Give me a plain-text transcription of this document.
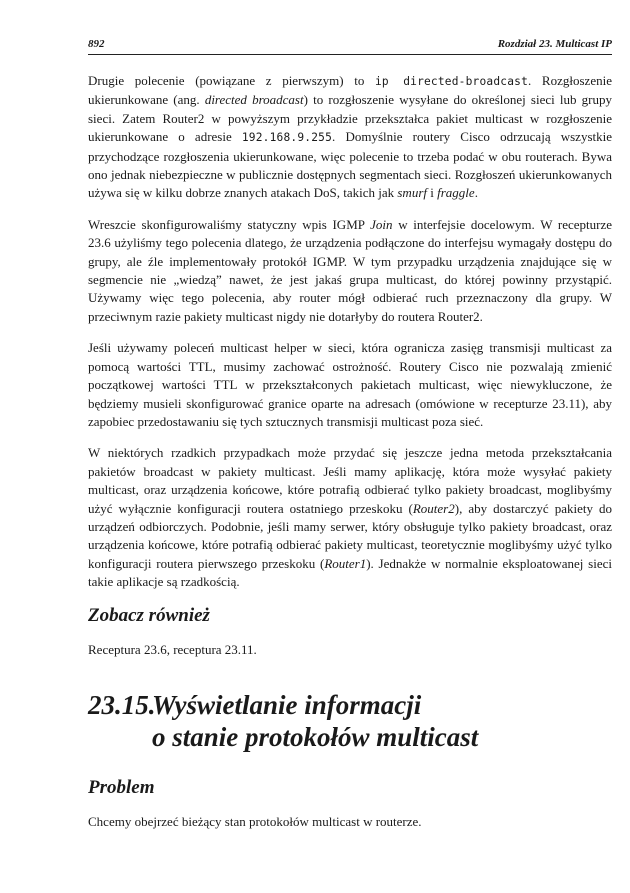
892	Rozdział 23. Multicast IP

Drugie polecenie (powiązane z pierwszym) to ip directed-broadcast. Rozgłoszenie ukierunkowane (ang. directed broadcast) to rozgłoszenie wysyłane do określonej sieci lub grupy sieci. Zatem Router2 w powyższym przykładzie przekształca pakiet multicast w rozgłoszenie ukierunkowane o adresie 192.168.9.255. Domyślnie routery Cisco odrzucają wszystkie przychodzące rozgłoszenia ukierunkowane, więc polecenie to trzeba podać w obu routerach. Bywa ono jednak niebezpieczne w publicznie dostępnych segmentach sieci. Rozgłoszeń ukierunkowanych używa się w kilku dobrze znanych atakach DoS, takich jak smurf i fraggle.

Wreszcie skonfigurowaliśmy statyczny wpis IGMP Join w interfejsie docelowym. W recepturze 23.6 użyliśmy tego polecenia dlatego, że urządzenia podłączone do interfejsu wymagały dostępu do grupy, ale źle implementowały protokół IGMP. W tym przypadku urządzenia znajdujące się w segmencie nie „wiedzą” nawet, że jest jakaś grupa multicast, do której powinny przystąpić. Używamy więc tego polecenia, aby router mógł odbierać ruch przeznaczony dla grupy. W przeciwnym razie pakiety multicast nigdy nie dotarłyby do routera Router2.

Jeśli używamy poleceń multicast helper w sieci, która ogranicza zasięg transmisji multicast za pomocą wartości TTL, musimy zachować ostrożność. Routery Cisco nie pozwalają zmienić początkowej wartości TTL w przekształconych pakietach multicast, więc niewykluczone, że będziemy musieli skonfigurować granice oparte na adresach (omówione w recepturze 23.11), aby zapobiec przedostawaniu się tych sztucznych transmisji multicast poza sieć.

W niektórych rzadkich przypadkach może przydać się jeszcze jedna metoda przekształcania pakietów broadcast w pakiety multicast. Jeśli mamy aplikację, która może wysyłać pakiety multicast, oraz urządzenia końcowe, które potrafią odbierać tylko pakiety broadcast, moglibyśmy użyć wyłącznie konfiguracji routera ostatniego przeskoku (Router2), aby dostarczyć pakiety do urządzeń odbiorczych. Podobnie, jeśli mamy serwer, który obsługuje tylko pakiety broadcast, oraz urządzenia końcowe, które potrafią odbierać pakiety multicast, teoretycznie moglibyśmy użyć tylko konfiguracji routera pierwszego przeskoku (Router1). Jednakże w normalnie eksploatowanej sieci takie aplikacje są rzadkością.

Zobacz również

Receptura 23.6, receptura 23.11.

23.15.Wyświetlanie informacji
o stanie protokołów multicast
Problem

Chcemy obejrzeć bieżący stan protokołów multicast w routerze.
